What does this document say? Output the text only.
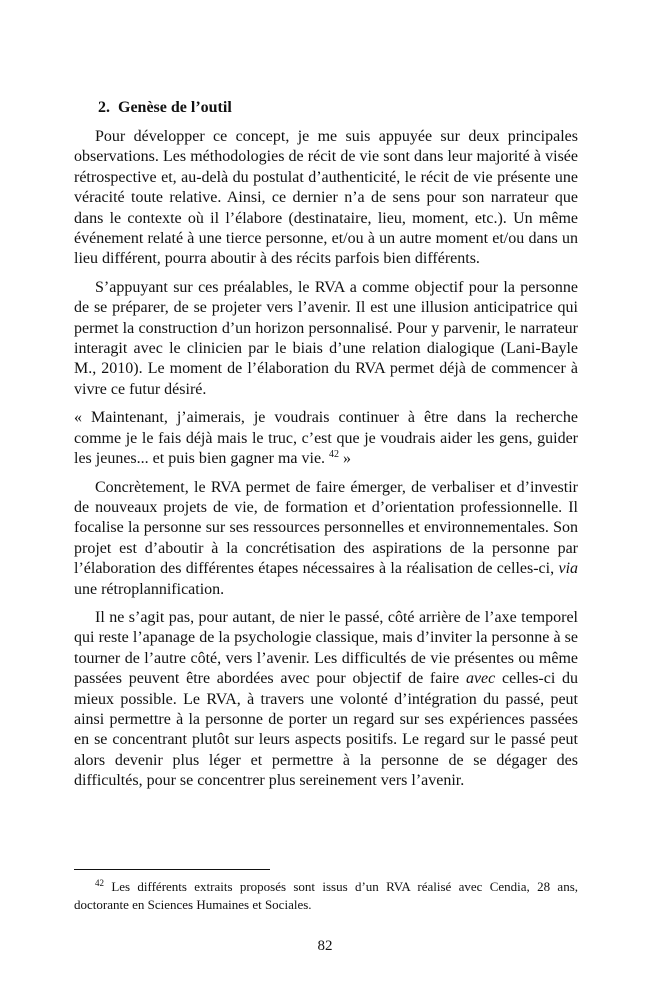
2. Genèse de l’outil

Pour développer ce concept, je me suis appuyée sur deux principales observations. Les méthodologies de récit de vie sont dans leur majorité à visée rétrospective et, au-delà du postulat d’authenticité, le récit de vie présente une véracité toute relative. Ainsi, ce dernier n’a de sens pour son narrateur que dans le contexte où il l’élabore (destinataire, lieu, moment, etc.). Un même événement relaté à une tierce personne, et/ou à un autre moment et/ou dans un lieu différent, pourra aboutir à des récits parfois bien différents.

S’appuyant sur ces préalables, le RVA a comme objectif pour la personne de se préparer, de se projeter vers l’avenir. Il est une illusion anticipatrice qui permet la construction d’un horizon personnalisé. Pour y parvenir, le narrateur interagit avec le clinicien par le biais d’une relation dialogique (Lani-Bayle M., 2010). Le moment de l’élaboration du RVA permet déjà de commencer à vivre ce futur désiré.

« Maintenant, j’aimerais, je voudrais continuer à être dans la recherche comme je le fais déjà mais le truc, c’est que je voudrais aider les gens, guider les jeunes... et puis bien gagner ma vie. $^{42}$ »

Concrètement, le RVA permet de faire émerger, de verbaliser et d’investir de nouveaux projets de vie, de formation et d’orientation professionnelle. Il focalise la personne sur ses ressources personnelles et environnementales. Son projet est d’aboutir à la concrétisation des aspirations de la personne par l’élaboration des différentes étapes nécessaires à la réalisation de celles-ci, via une rétroplannification.

Il ne s’agit pas, pour autant, de nier le passé, côté arrière de l’axe temporel qui reste l’apanage de la psychologie classique, mais d’inviter la personne à se tourner de l’autre côté, vers l’avenir. Les difficultés de vie présentes ou même passées peuvent être abordées avec pour objectif de faire avec celles-ci du mieux possible. Le RVA, à travers une volonté d’intégration du passé, peut ainsi permettre à la personne de porter un regard sur ses expériences passées en se concentrant plutôt sur leurs aspects positifs. Le regard sur le passé peut alors devenir plus léger et permettre à la personne de se dégager des difficultés, pour se concentrer plus sereinement vers l’avenir.

$^{42}$ Les différents extraits proposés sont issus d’un RVA réalisé avec Cendia, 28 ans, doctorante en Sciences Humaines et Sociales.

82
